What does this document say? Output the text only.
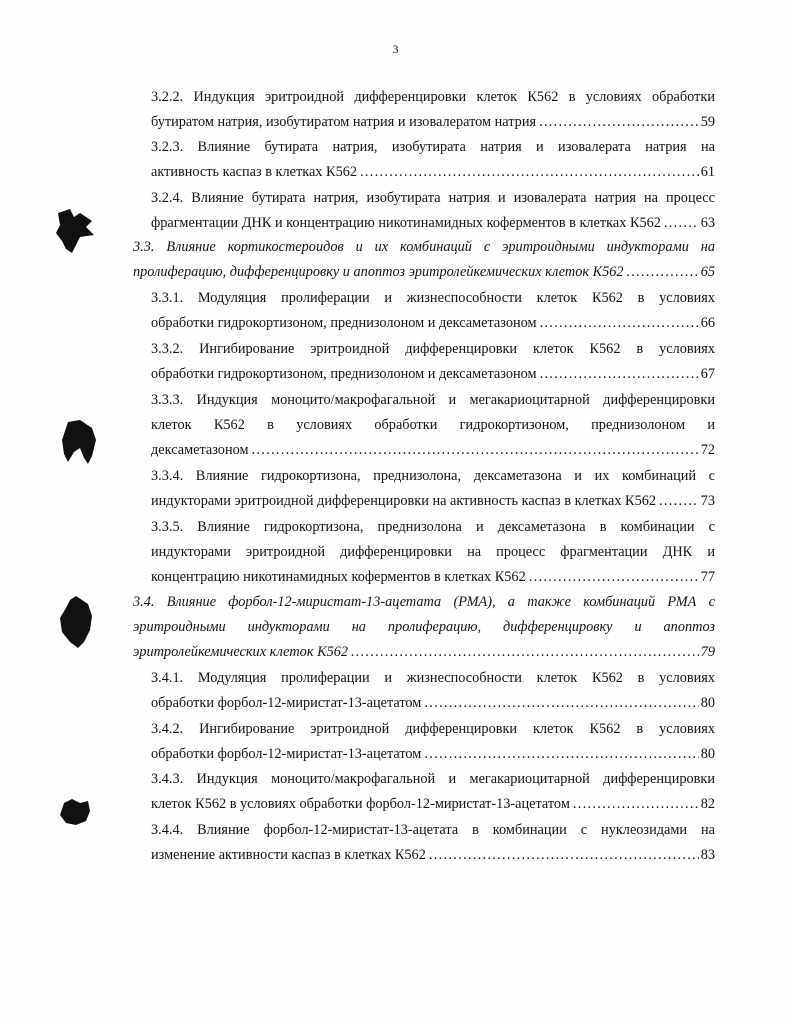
3
3.2.2. Индукция эритроидной дифференцировки клеток К562 в условиях обработки
бутиратом натрия, изобутиратом натрия и изовалератом натрия .....	59
3.2.3. Влияние бутирата натрия, изобутирата натрия и изовалерата натрия на
активность каспаз в клетках К562 .....	61
3.2.4. Влияние бутирата натрия, изобутирата натрия и изовалерата натрия на процесс
фрагментации ДНК и концентрацию никотинамидных коферментов в клетках К562 .....	63
3.3. Влияние кортикостероидов и их комбинаций с эритроидными индукторами на
пролиферацию, дифференцировку и апоптоз эритролейкемических клеток К562 .....	65
3.3.1. Модуляция пролиферации и жизнеспособности клеток К562 в условиях
обработки гидрокортизоном, преднизолоном и дексаметазоном .....	66
3.3.2. Ингибирование эритроидной дифференцировки клеток К562 в условиях
обработки гидрокортизоном, преднизолоном и дексаметазоном .....	67
3.3.3. Индукция моноцито/макрофагальной и мегакариоцитарной дифференцировки
клеток К562 в условиях обработки гидрокортизоном, преднизолоном и
дексаметазоном .....	72
3.3.4. Влияние гидрокортизона, преднизолона, дексаметазона и их комбинаций с
индукторами эритроидной дифференцировки на активность каспаз в клетках К562 .....	73
3.3.5. Влияние гидрокортизона, преднизолона и дексаметазона в комбинации с
индукторами эритроидной дифференцировки на процесс фрагментации ДНК и
концентрацию никотинамидных коферментов в клетках К562 .....	77
3.4. Влияние форбол-12-миристат-13-ацетата (РМА), а также комбинаций РМА с
эритроидными индукторами на пролиферацию, дифференцировку и апоптоз
эритролейкемических клеток К562 .....	79
3.4.1. Модуляция пролиферации и жизнеспособности клеток К562 в условиях
обработки форбол-12-миристат-13-ацетатом .....	80
3.4.2. Ингибирование эритроидной дифференцировки клеток К562 в условиях
обработки форбол-12-миристат-13-ацетатом .....	80
3.4.3. Индукция моноцито/макрофагальной и мегакариоцитарной дифференцировки
клеток К562 в условиях обработки форбол-12-миристат-13-ацетатом .....	82
3.4.4. Влияние форбол-12-миристат-13-ацетата в комбинации с нуклеозидами на
изменение активности каспаз в клетках К562 .....	83
